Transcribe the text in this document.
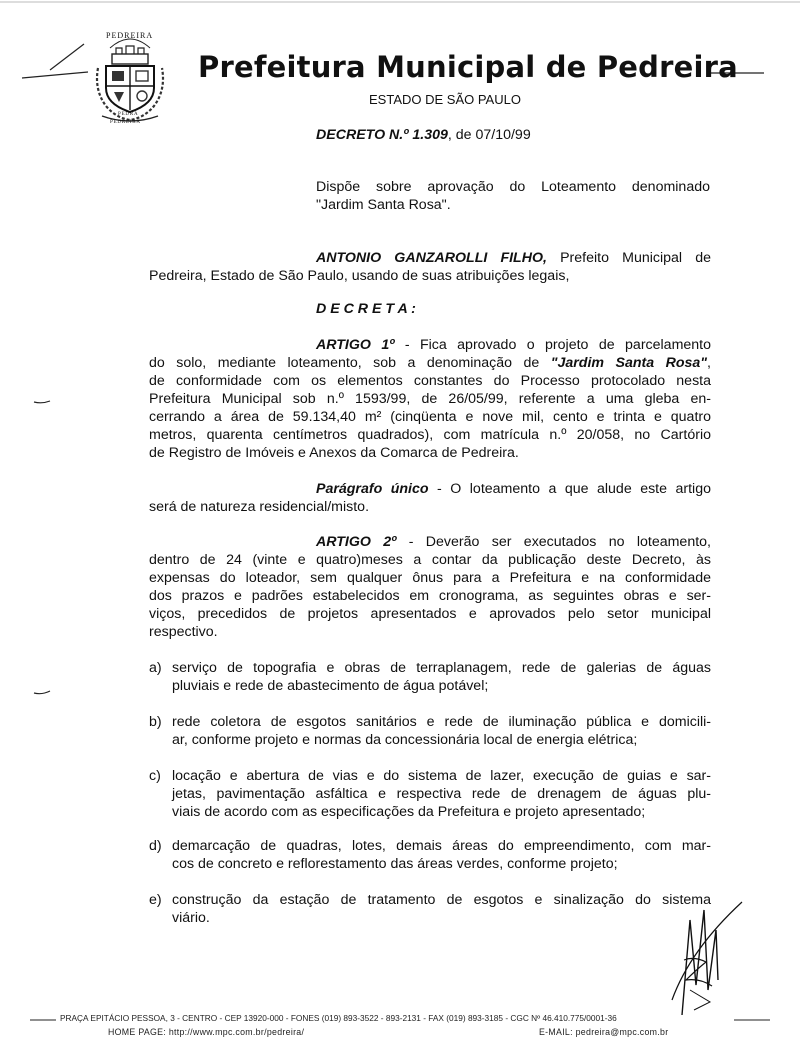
PEDREIRA
PEDRA
PEDREIRA
Prefeitura Municipal de Pedreira
ESTADO DE SÃO PAULO
DECRETO N.º 1.309, de 07/10/99
Dispõe sobre aprovação do Loteamento denominado
"Jardim Santa Rosa".
ANTONIO GANZAROLLI FILHO, Prefeito Municipal de
Pedreira, Estado de São Paulo, usando de suas atribuições legais,
D E C R E T A :
ARTIGO 1º - Fica aprovado o projeto de parcelamento
do solo, mediante loteamento, sob a denominação de "Jardim Santa Rosa",
de conformidade com os elementos constantes do Processo protocolado nesta
Prefeitura Municipal sob n.º 1593/99, de 26/05/99, referente a uma gleba en-
cerrando a área de 59.134,40 m² (cinqüenta e nove mil, cento e trinta e quatro
metros, quarenta centímetros quadrados), com matrícula n.º 20/058, no Cartório
de Registro de Imóveis e Anexos da Comarca de Pedreira.
Parágrafo único - O loteamento a que alude este artigo
será de natureza residencial/misto.
ARTIGO 2º - Deverão ser executados no loteamento,
dentro de 24 (vinte e quatro)meses a contar da publicação deste Decreto, às
expensas do loteador, sem qualquer ônus para a Prefeitura e na conformidade
dos prazos e padrões estabelecidos em cronograma, as seguintes obras e ser-
viços, precedidos de projetos apresentados e aprovados pelo setor municipal
respectivo.
a) serviço de topografia e obras de terraplanagem, rede de galerias de águas
pluviais e rede de abastecimento de água potável;
b) rede coletora de esgotos sanitários e rede de iluminação pública e domicili-
ar, conforme projeto e normas da concessionária local de energia elétrica;
c) locação e abertura de vias e do sistema de lazer, execução de guias e sar-
jetas, pavimentação asfáltica e respectiva rede de drenagem de águas plu-
viais de acordo com as especificações da Prefeitura e projeto apresentado;
d) demarcação de quadras, lotes, demais áreas do empreendimento, com mar-
cos de concreto e reflorestamento das áreas verdes, conforme projeto;
e) construção da estação de tratamento de esgotos e sinalização do sistema
viário.
PRAÇA EPITÁCIO PESSOA, 3 - CENTRO - CEP 13920-000 - FONES (019) 893-3522 - 893-2131 - FAX (019) 893-3185 - CGC Nº 46.410.775/0001-36
HOME PAGE: http://www.mpc.com.br/pedreira/	E-MAIL: pedreira@mpc.com.br
